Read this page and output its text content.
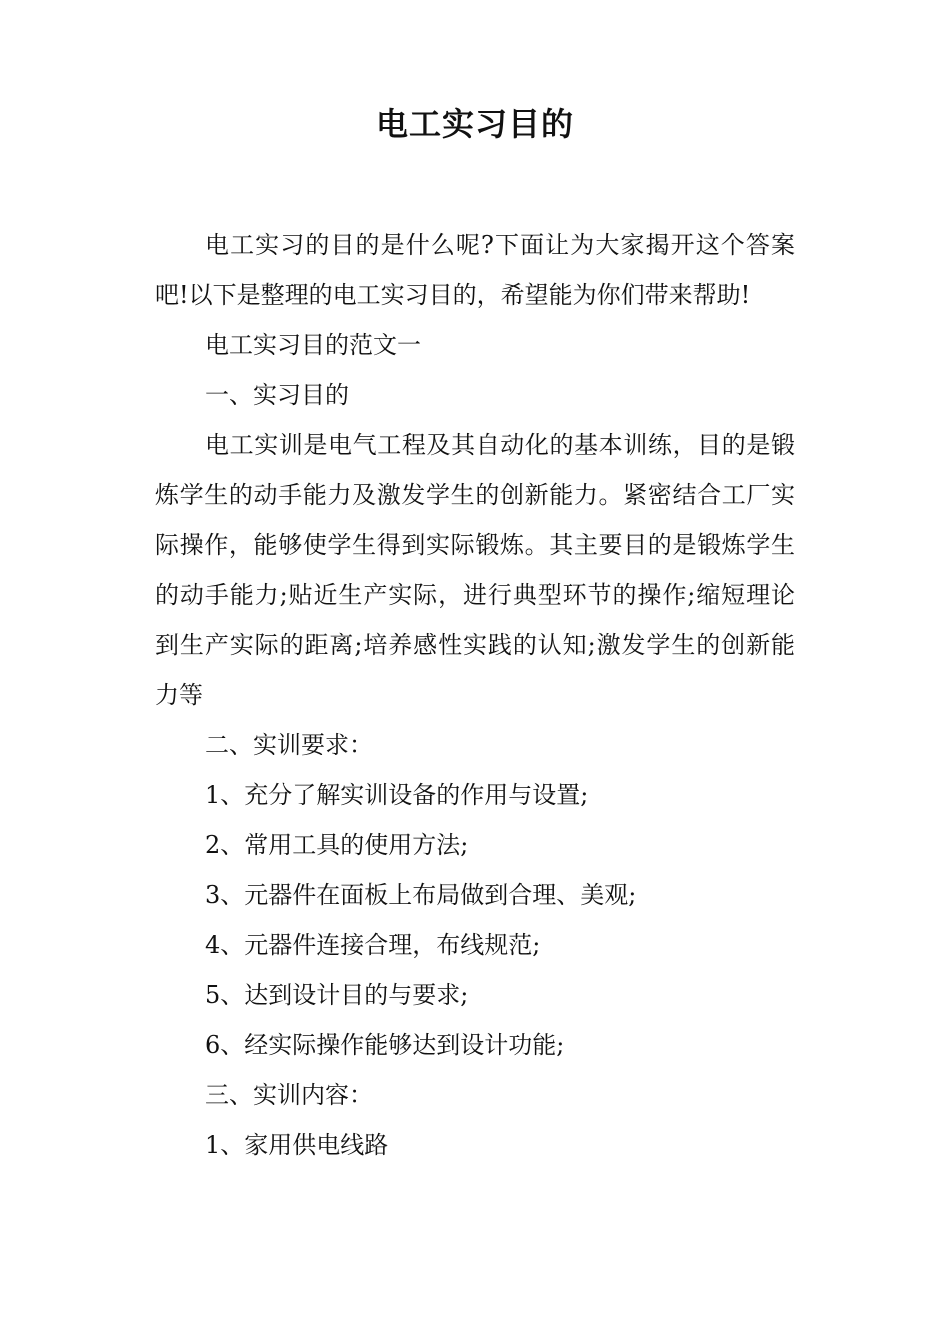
电工实习目的

电工实习的目的是什么呢?下面让为大家揭开这个答案吧!以下是整理的电工实习目的，希望能为你们带来帮助!

电工实习目的范文一

一、实习目的

电工实训是电气工程及其自动化的基本训练，目的是锻炼学生的动手能力及激发学生的创新能力。紧密结合工厂实际操作，能够使学生得到实际锻炼。其主要目的是锻炼学生的动手能力;贴近生产实际，进行典型环节的操作;缩短理论到生产实际的距离;培养感性实践的认知;激发学生的创新能力等

二、实训要求：

1、充分了解实训设备的作用与设置;

2、常用工具的使用方法;

3、元器件在面板上布局做到合理、美观;

4、元器件连接合理，布线规范;

5、达到设计目的与要求;

6、经实际操作能够达到设计功能;

三、实训内容：

1、家用供电线路
